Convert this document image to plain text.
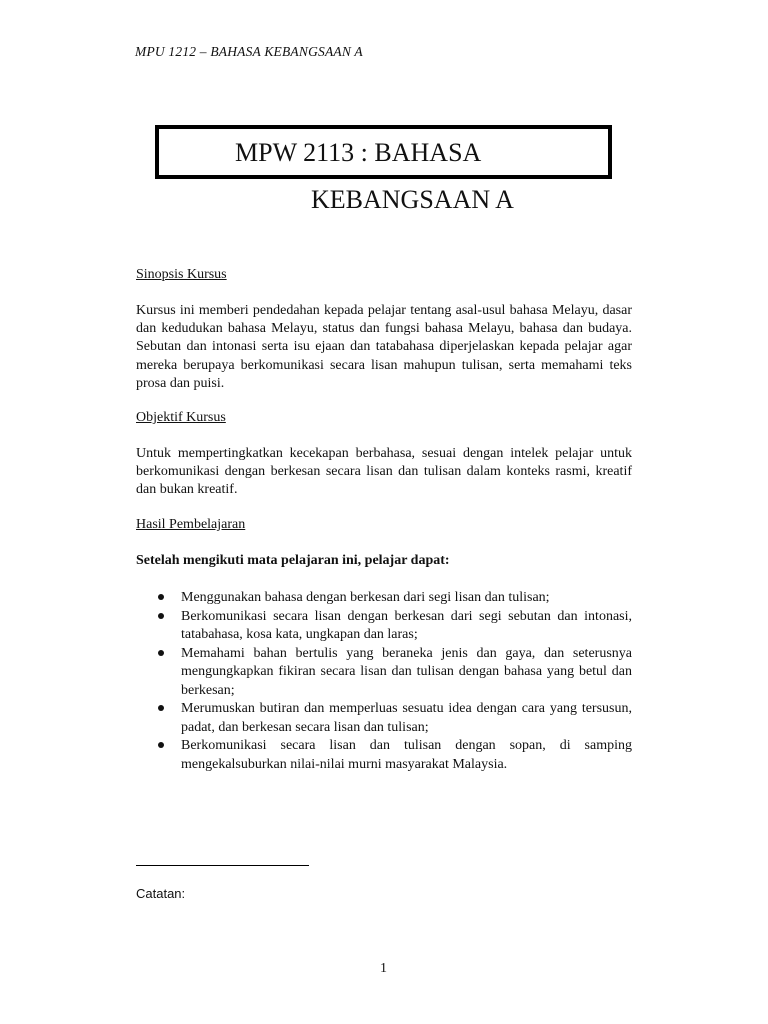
MPU 1212 – BAHASA KEBANGSAAN A
MPW 2113 : BAHASA
KEBANGSAAN A
Sinopsis Kursus

Kursus ini memberi pendedahan kepada pelajar tentang asal-usul bahasa Melayu, dasar dan kedudukan bahasa Melayu, status dan fungsi bahasa Melayu, bahasa dan budaya. Sebutan dan intonasi serta isu ejaan dan tatabahasa diperjelaskan kepada pelajar agar mereka berupaya berkomunikasi secara lisan mahupun tulisan, serta memahami teks prosa dan puisi.

Objektif Kursus

Untuk mempertingkatkan kecekapan berbahasa, sesuai dengan intelek pelajar untuk berkomunikasi dengan berkesan secara lisan dan tulisan dalam konteks rasmi, kreatif dan bukan kreatif.

Hasil Pembelajaran
Setelah mengikuti mata pelajaran ini, pelajar dapat:
Menggunakan bahasa dengan berkesan dari segi lisan dan tulisan;
Berkomunikasi secara lisan dengan berkesan dari segi sebutan dan intonasi, tatabahasa, kosa kata, ungkapan dan laras;
Memahami bahan bertulis yang beraneka jenis dan gaya, dan seterusnya mengungkapkan fikiran secara lisan dan tulisan dengan bahasa yang betul dan berkesan;
Merumuskan butiran dan memperluas sesuatu idea dengan cara yang tersusun, padat, dan berkesan secara lisan dan tulisan;
Berkomunikasi secara lisan dan tulisan dengan sopan, di samping mengekalsuburkan nilai-nilai murni masyarakat Malaysia.
Catatan:
1
